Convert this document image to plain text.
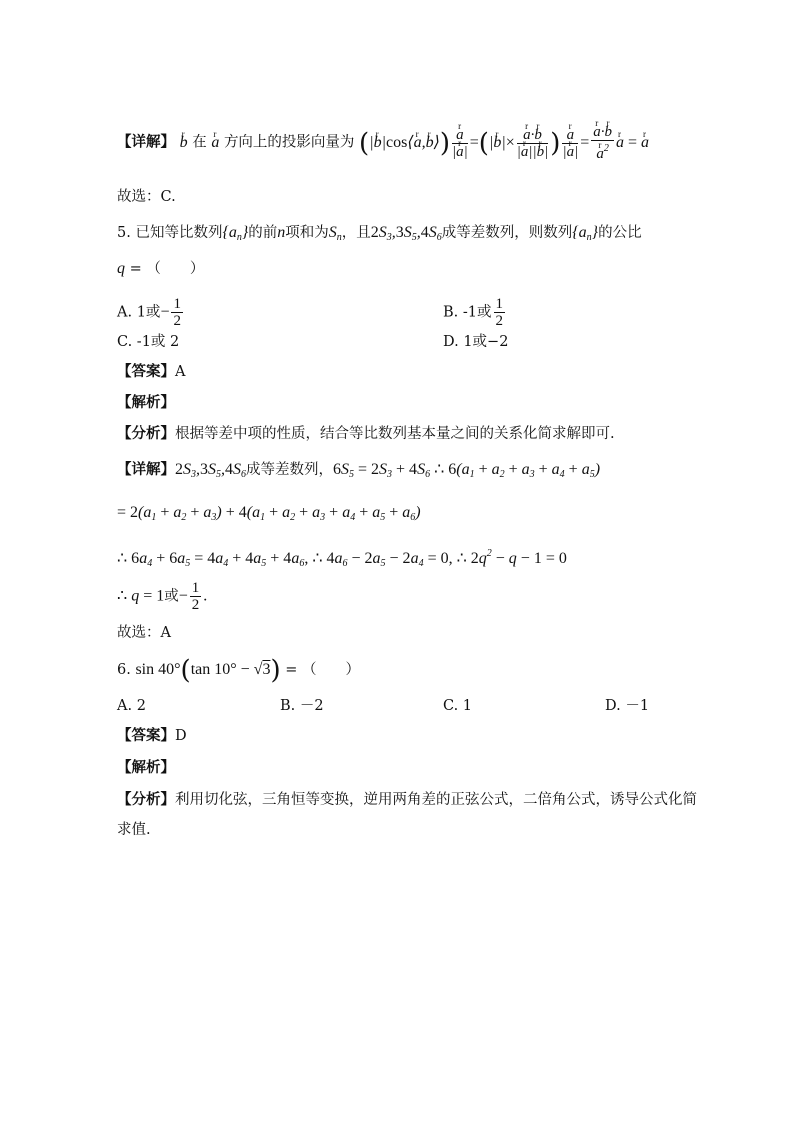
【详解】 r b 在 r a 方向上的投影向量为 (|r b|cos⟨r a,r b⟩) r $\frac{a}{\text{|r a|}} =(|r$ b|× r $\frac{\text{a·r b}}{\text{|r a||r b|}}$ ) r $\frac{a}{\text{|r a|}} = r$ a·r b
r $a^2$ r a = r a
故选：C.
5. 已知等比数列$\{a_n\}$的前n项和为$S_n$，且$2S_3,3S_5,4S_6$成等差数列，则数列$\{a_n\}$的公比
q = （　　）
A. 1或− $\frac{1}{2}$	B. -1或 $\frac{1}{2}$
C. -1或 2	D. 1或−2
【答案】A
【解析】
【分析】根据等差中项的性质，结合等比数列基本量之间的关系化简求解即可.
【详解】$2S_3,3S_5,4S_6$成等差数列，$6S_5 = 2S_3 + 4S_6$ ∴ $6(a_1 + a_2 + a_3 + a_4 + a_5)$
= $2(a_1 + a_2 + a_3) + 4(a_1 + a_2 + a_3 + a_4 + a_5 + a_6)$
∴ $6a_4 + 6a_5 = 4a_4 + 4a_5 + 4a_6$, ∴ $4a_6 - 2a_5 - 2a_4 = 0$, ∴ $2q^2 - q - 1 = 0$
∴ q = 1或− $\frac{1}{2}$ .
故选：A
6. sin 40°(tan 10° − √3) = （　　）
A. 2	B. －2	C. 1	D. －1
【答案】D
【解析】
【分析】利用切化弦，三角恒等变换，逆用两角差的正弦公式，二倍角公式，诱导公式化简
求值.
